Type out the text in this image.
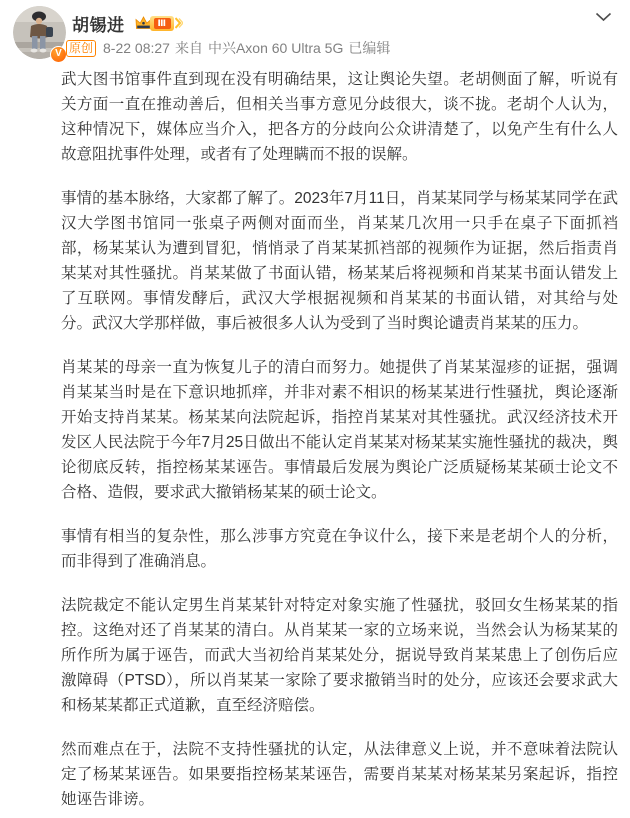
V
胡锡进	Ⅲ
原创 8-22 08:27 来自 中兴Axon 60 Ultra 5G 已编辑

武大图书馆事件直到现在没有明确结果，这让舆论失望。老胡侧面了解，听说有关方面一直在推动善后，但相关当事方意见分歧很大，谈不拢。老胡个人认为，这种情况下，媒体应当介入，把各方的分歧向公众讲清楚了，以免产生有什么人故意阻扰事件处理，或者有了处理瞒而不报的误解。

事情的基本脉络，大家都了解了。2023年7月11日，肖某某同学与杨某某同学在武汉大学图书馆同一张桌子两侧对面而坐，肖某某几次用一只手在桌子下面抓裆部，杨某某认为遭到冒犯，悄悄录了肖某某抓裆部的视频作为证据，然后指责肖某某对其性骚扰。肖某某做了书面认错，杨某某后将视频和肖某某书面认错发上了互联网。事情发酵后，武汉大学根据视频和肖某某的书面认错，对其给与处分。武汉大学那样做，事后被很多人认为受到了当时舆论谴责肖某某的压力。

肖某某的母亲一直为恢复儿子的清白而努力。她提供了肖某某湿疹的证据，强调肖某某当时是在下意识地抓痒，并非对素不相识的杨某某进行性骚扰，舆论逐渐开始支持肖某某。杨某某向法院起诉，指控肖某某对其性骚扰。武汉经济技术开发区人民法院于今年7月25日做出不能认定肖某某对杨某某实施性骚扰的裁决，舆论彻底反转，指控杨某某诬告。事情最后发展为舆论广泛质疑杨某某硕士论文不合格、造假，要求武大撤销杨某某的硕士论文。

事情有相当的复杂性，那么涉事方究竟在争议什么，接下来是老胡个人的分析，而非得到了准确消息。

法院裁定不能认定男生肖某某针对特定对象实施了性骚扰，驳回女生杨某某的指控。这绝对还了肖某某的清白。从肖某某一家的立场来说，当然会认为杨某某的所作所为属于诬告，而武大当初给肖某某处分，据说导致肖某某患上了创伤后应激障碍（PTSD），所以肖某某一家除了要求撤销当时的处分，应该还会要求武大和杨某某都正式道歉，直至经济赔偿。

然而难点在于，法院不支持性骚扰的认定，从法律意义上说，并不意味着法院认定了杨某某诬告。如果要指控杨某某诬告，需要肖某某对杨某某另案起诉，指控她诬告诽谤。
